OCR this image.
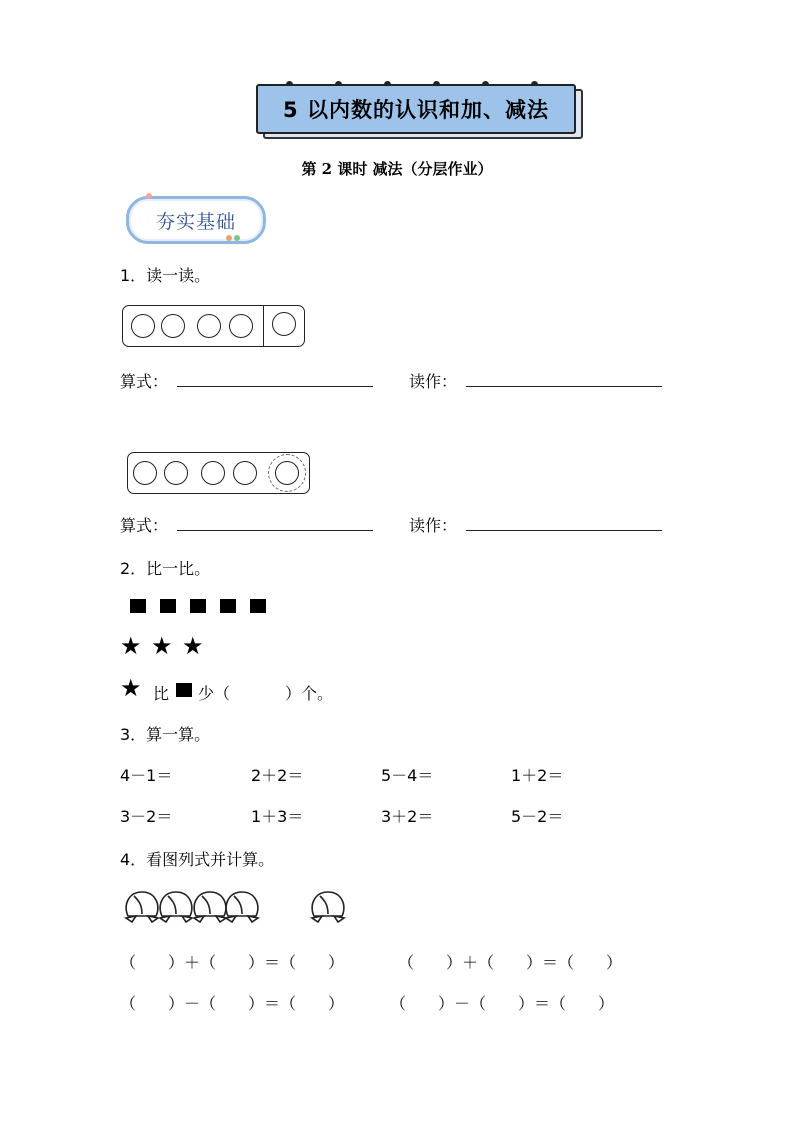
5 以内数的认识和加、减法
第 2 课时 减法（分层作业）
夯实基础
1．读一读。
算式：	读作：
算式：	读作：
2．比一比。
★ ★ ★
★ 比 少（	）个。
3．算一算。
4－1＝	2＋2＝	5－4＝	1＋2＝
3－2＝	1＋3＝	3＋2＝	5－2＝
4．看图列式并计算。
（　　）＋（　　）＝（　　）	（　　）＋（　　）＝（　　）
（　　）－（　　）＝（　　）	（　　）－（　　）＝（　　）
